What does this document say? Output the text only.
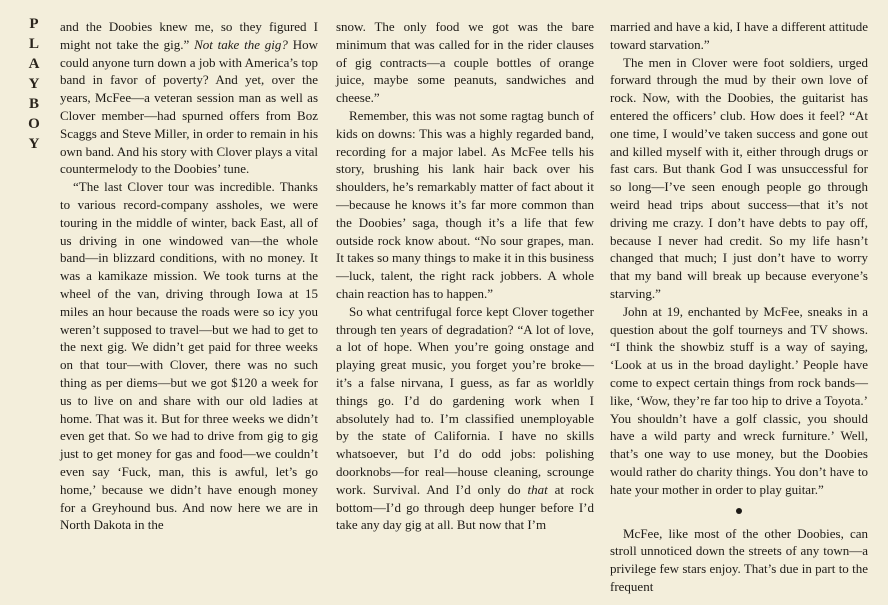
P
L
A
Y
B
O
Y

and the Doobies knew me, so they figured I might not take the gig.” Not take the gig? How could anyone turn down a job with America’s top band in favor of poverty? And yet, over the years, McFee—a veteran session man as well as Clover member—had spurned offers from Boz Scaggs and Steve Miller, in order to remain in his own band. And his story with Clover plays a vital countermelody to the Doobies’ tune.

“The last Clover tour was incredible. Thanks to various record-company assholes, we were touring in the middle of winter, back East, all of us driving in one windowed van—the whole band—in blizzard conditions, with no money. It was a kamikaze mission. We took turns at the wheel of the van, driving through Iowa at 15 miles an hour because the roads were so icy you weren’t supposed to travel—but we had to get to the next gig. We didn’t get paid for three weeks on that tour—with Clover, there was no such thing as per diems—but we got $120 a week for us to live on and share with our old ladies at home. That was it. But for three weeks we didn’t even get that. So we had to drive from gig to gig just to get money for gas and food—we couldn’t even say ‘Fuck, man, this is awful, let’s go home,’ because we didn’t have enough money for a Greyhound bus. And now here we are in North Dakota in the

snow. The only food we got was the bare minimum that was called for in the rider clauses of gig contracts—a couple bottles of orange juice, maybe some peanuts, sandwiches and cheese.”

Remember, this was not some ragtag bunch of kids on downs: This was a highly regarded band, recording for a major label. As McFee tells his story, brushing his lank hair back over his shoulders, he’s remarkably matter of fact about it—because he knows it’s far more common than the Doobies’ saga, though it’s a life that few outside rock know about. “No sour grapes, man. It takes so many things to make it in this business—luck, talent, the right rack jobbers. A whole chain reaction has to happen.”

So what centrifugal force kept Clover together through ten years of degradation? “A lot of love, a lot of hope. When you’re going onstage and playing great music, you forget you’re broke—it’s a false nirvana, I guess, as far as worldly things go. I’d do gardening work when I absolutely had to. I’m classified unemployable by the state of California. I have no skills whatsoever, but I’d do odd jobs: polishing doorknobs—for real—house cleaning, scrounge work. Survival. And I’d only do that at rock bottom—I’d go through deep hunger before I’d take any day gig at all. But now that I’m

married and have a kid, I have a different attitude toward starvation.”

The men in Clover were foot soldiers, urged forward through the mud by their own love of rock. Now, with the Doobies, the guitarist has entered the officers’ club. How does it feel? “At one time, I would’ve taken success and gone out and killed myself with it, either through drugs or fast cars. But thank God I was unsuccessful for so long—I’ve seen enough people go through weird head trips about success—that it’s not driving me crazy. I don’t have debts to pay off, because I never had credit. So my life hasn’t changed that much; I just don’t have to worry that my band will break up because everyone’s starving.”

John at 19, enchanted by McFee, sneaks in a question about the golf tourneys and TV shows. “I think the showbiz stuff is a way of saying, ‘Look at us in the broad daylight.’ People have come to expect certain things from rock bands—like, ‘Wow, they’re far too hip to drive a Toyota.’ You shouldn’t have a golf classic, you should have a wild party and wreck furniture.’ Well, that’s one way to use money, but the Doobies would rather do charity things. You don’t have to hate your mother in order to play guitar.”

McFee, like most of the other Doobies, can stroll unnoticed down the streets of any town—a privilege few stars enjoy. That’s due in part to the frequent
